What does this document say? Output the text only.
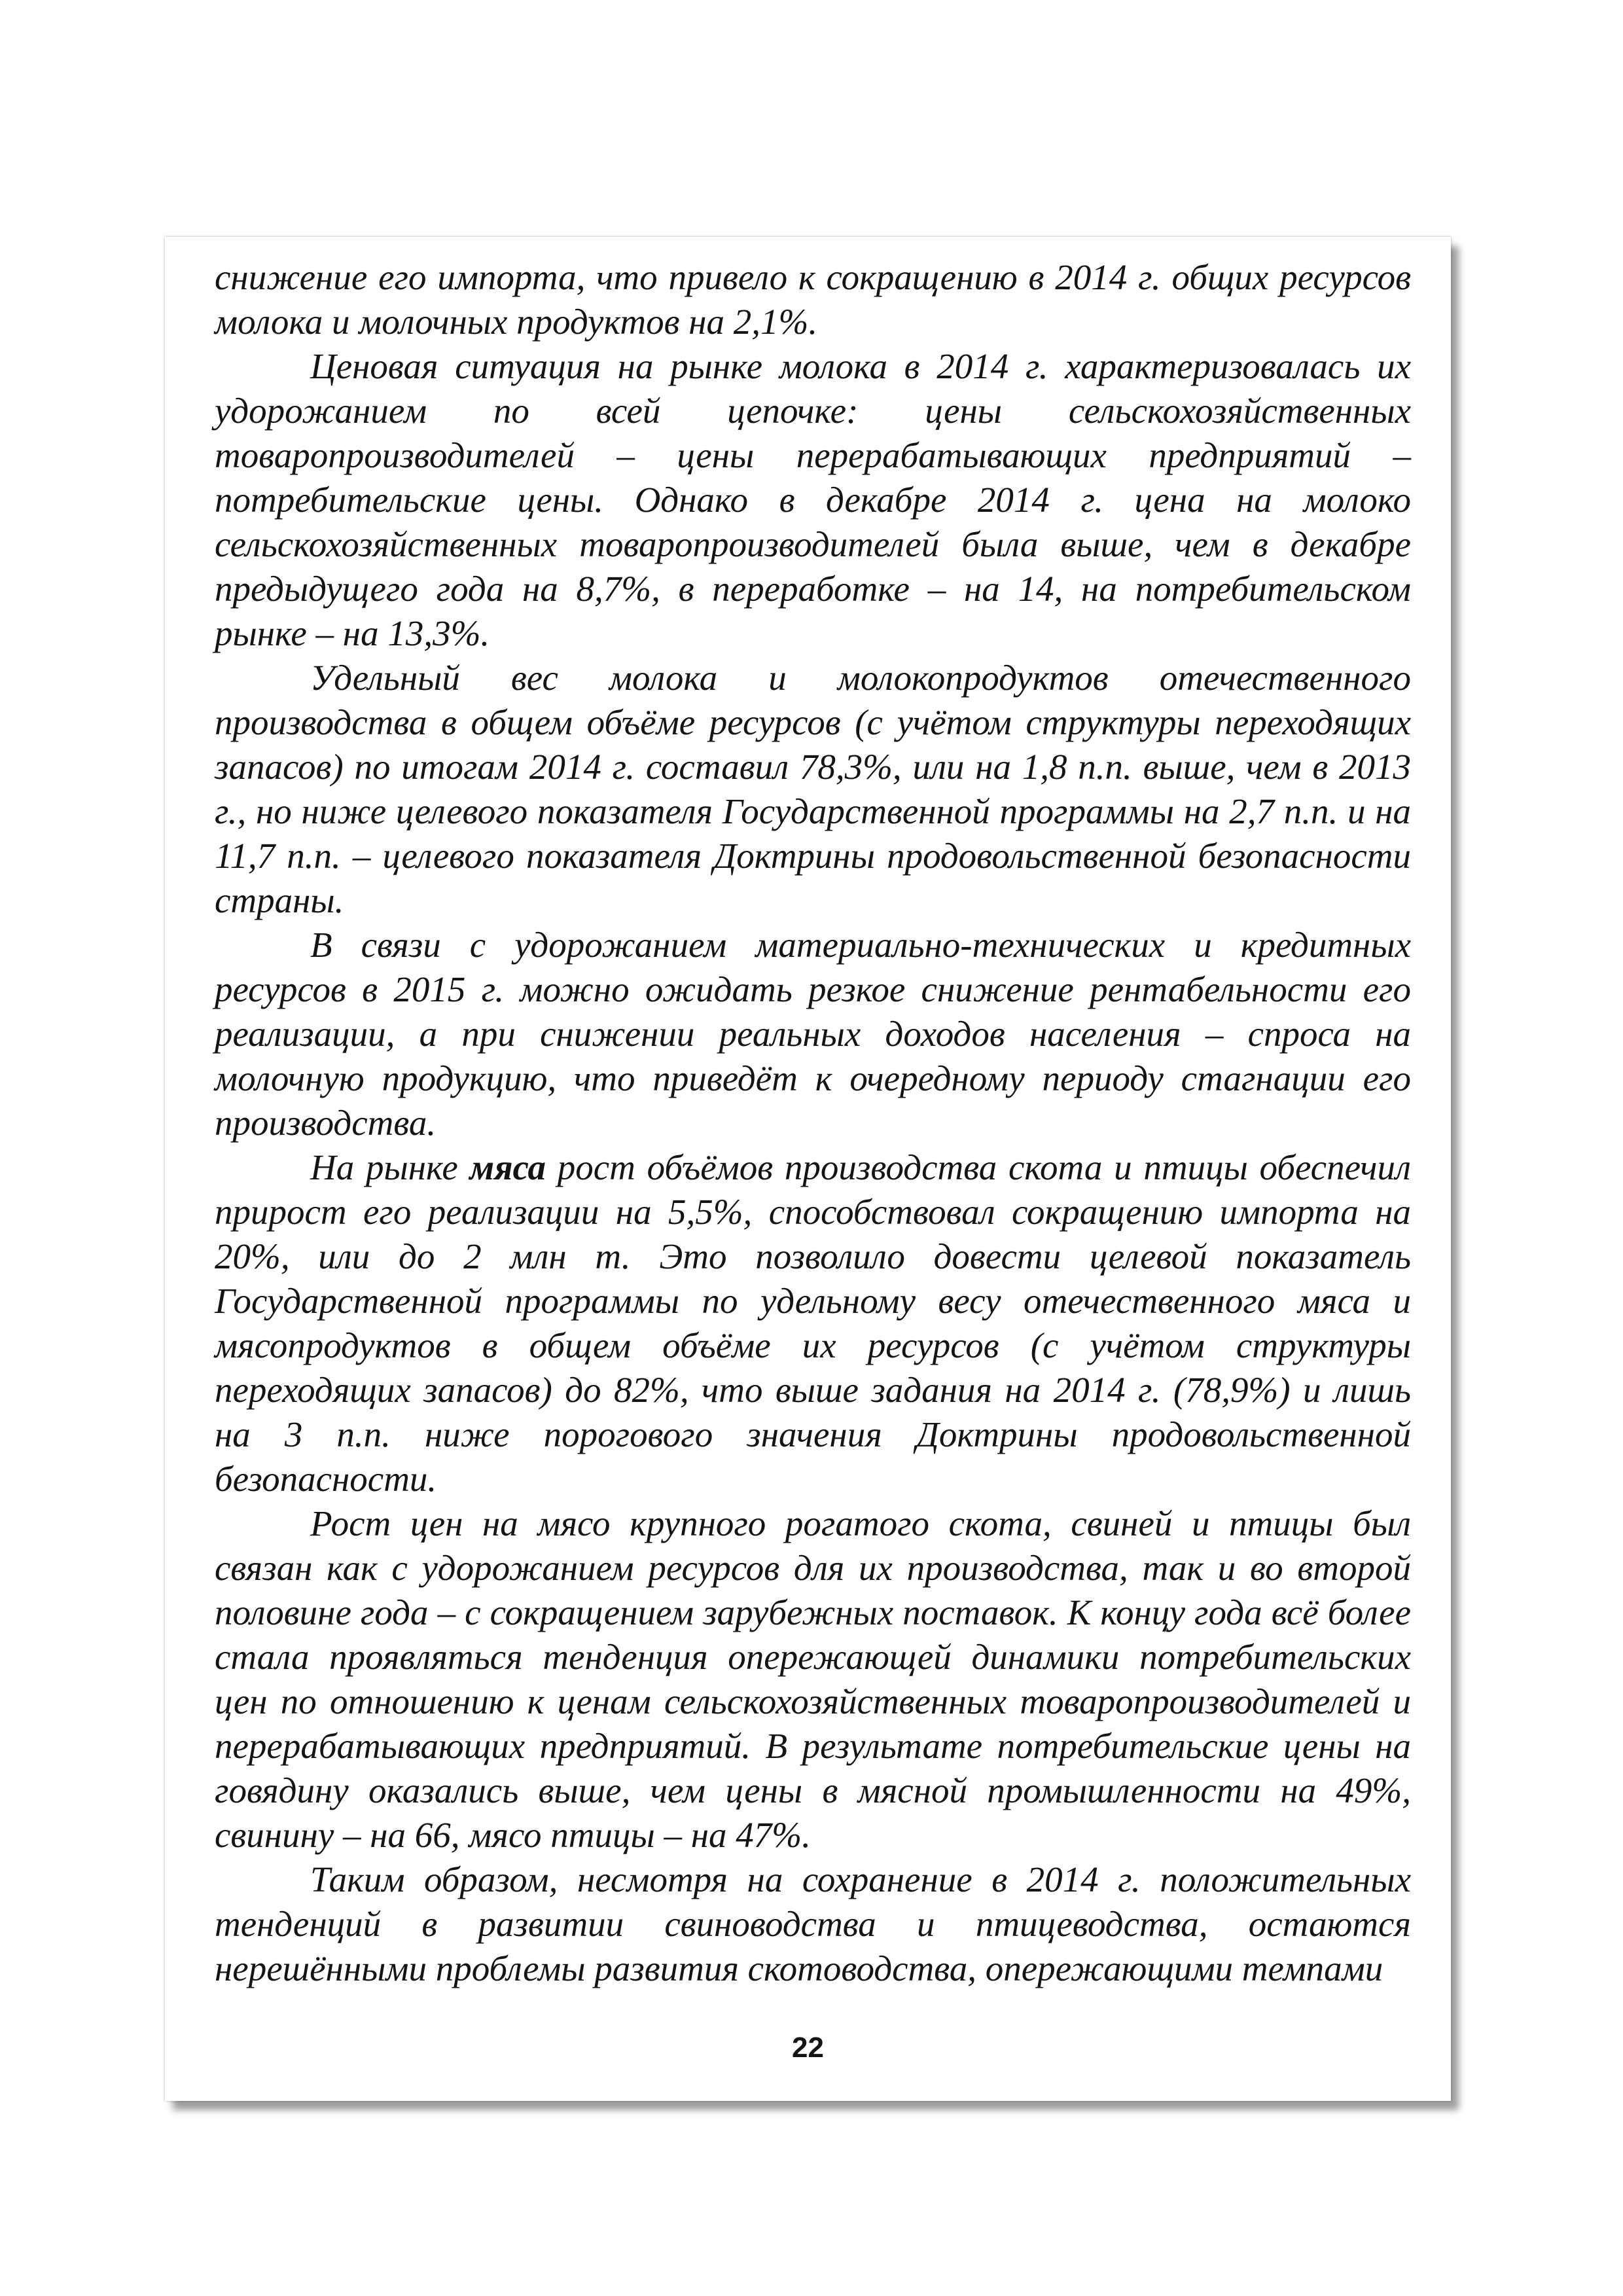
снижение его импорта, что привело к сокращению в 2014 г. общих ресурсов молока и молочных продуктов на 2,1%.

Ценовая ситуация на рынке молока в 2014 г. характеризовалась их удорожанием по всей цепочке: цены сельскохозяйственных товаропроизводителей – цены перерабатывающих предприятий – потребительские цены. Однако в декабре 2014 г. цена на молоко сельскохозяйственных товаропроизводителей была выше, чем в декабре предыдущего года на 8,7%, в переработке – на 14, на потребительском рынке – на 13,3%.

Удельный вес молока и молокопродуктов отечественного производства в общем объёме ресурсов (с учётом структуры переходящих запасов) по итогам 2014 г. составил 78,3%, или на 1,8 п.п. выше, чем в 2013 г., но ниже целевого показателя Государственной программы на 2,7 п.п. и на 11,7 п.п. – целевого показателя Доктрины продовольственной безопасности страны.

В связи с удорожанием материально-технических и кредитных ресурсов в 2015 г. можно ожидать резкое снижение рентабельности его реализации, а при снижении реальных доходов населения – спроса на молочную продукцию, что приведёт к очередному периоду стагнации его производства.

На рынке мяса рост объёмов производства скота и птицы обеспечил прирост его реализации на 5,5%, способствовал сокращению импорта на 20%, или до 2 млн т. Это позволило довести целевой показатель Государственной программы по удельному весу отечественного мяса и мясопродуктов в общем объёме их ресурсов (с учётом структуры переходящих запасов) до 82%, что выше задания на 2014 г. (78,9%) и лишь на 3 п.п. ниже порогового значения Доктрины продовольственной безопасности.

Рост цен на мясо крупного рогатого скота, свиней и птицы был связан как с удорожанием ресурсов для их производства, так и во второй половине года – с сокращением зарубежных поставок. К концу года всё более стала проявляться тенденция опережающей динамики потребительских цен по отношению к ценам сельскохозяйственных товаропроизводителей и перерабатывающих предприятий. В результате потребительские цены на говядину оказались выше, чем цены в мясной промышленности на 49%, свинину – на 66, мясо птицы – на 47%.

Таким образом, несмотря на сохранение в 2014 г. положительных тенденций в развитии свиноводства и птицеводства, остаются нерешёнными проблемы развития скотоводства, опережающими темпами

22
